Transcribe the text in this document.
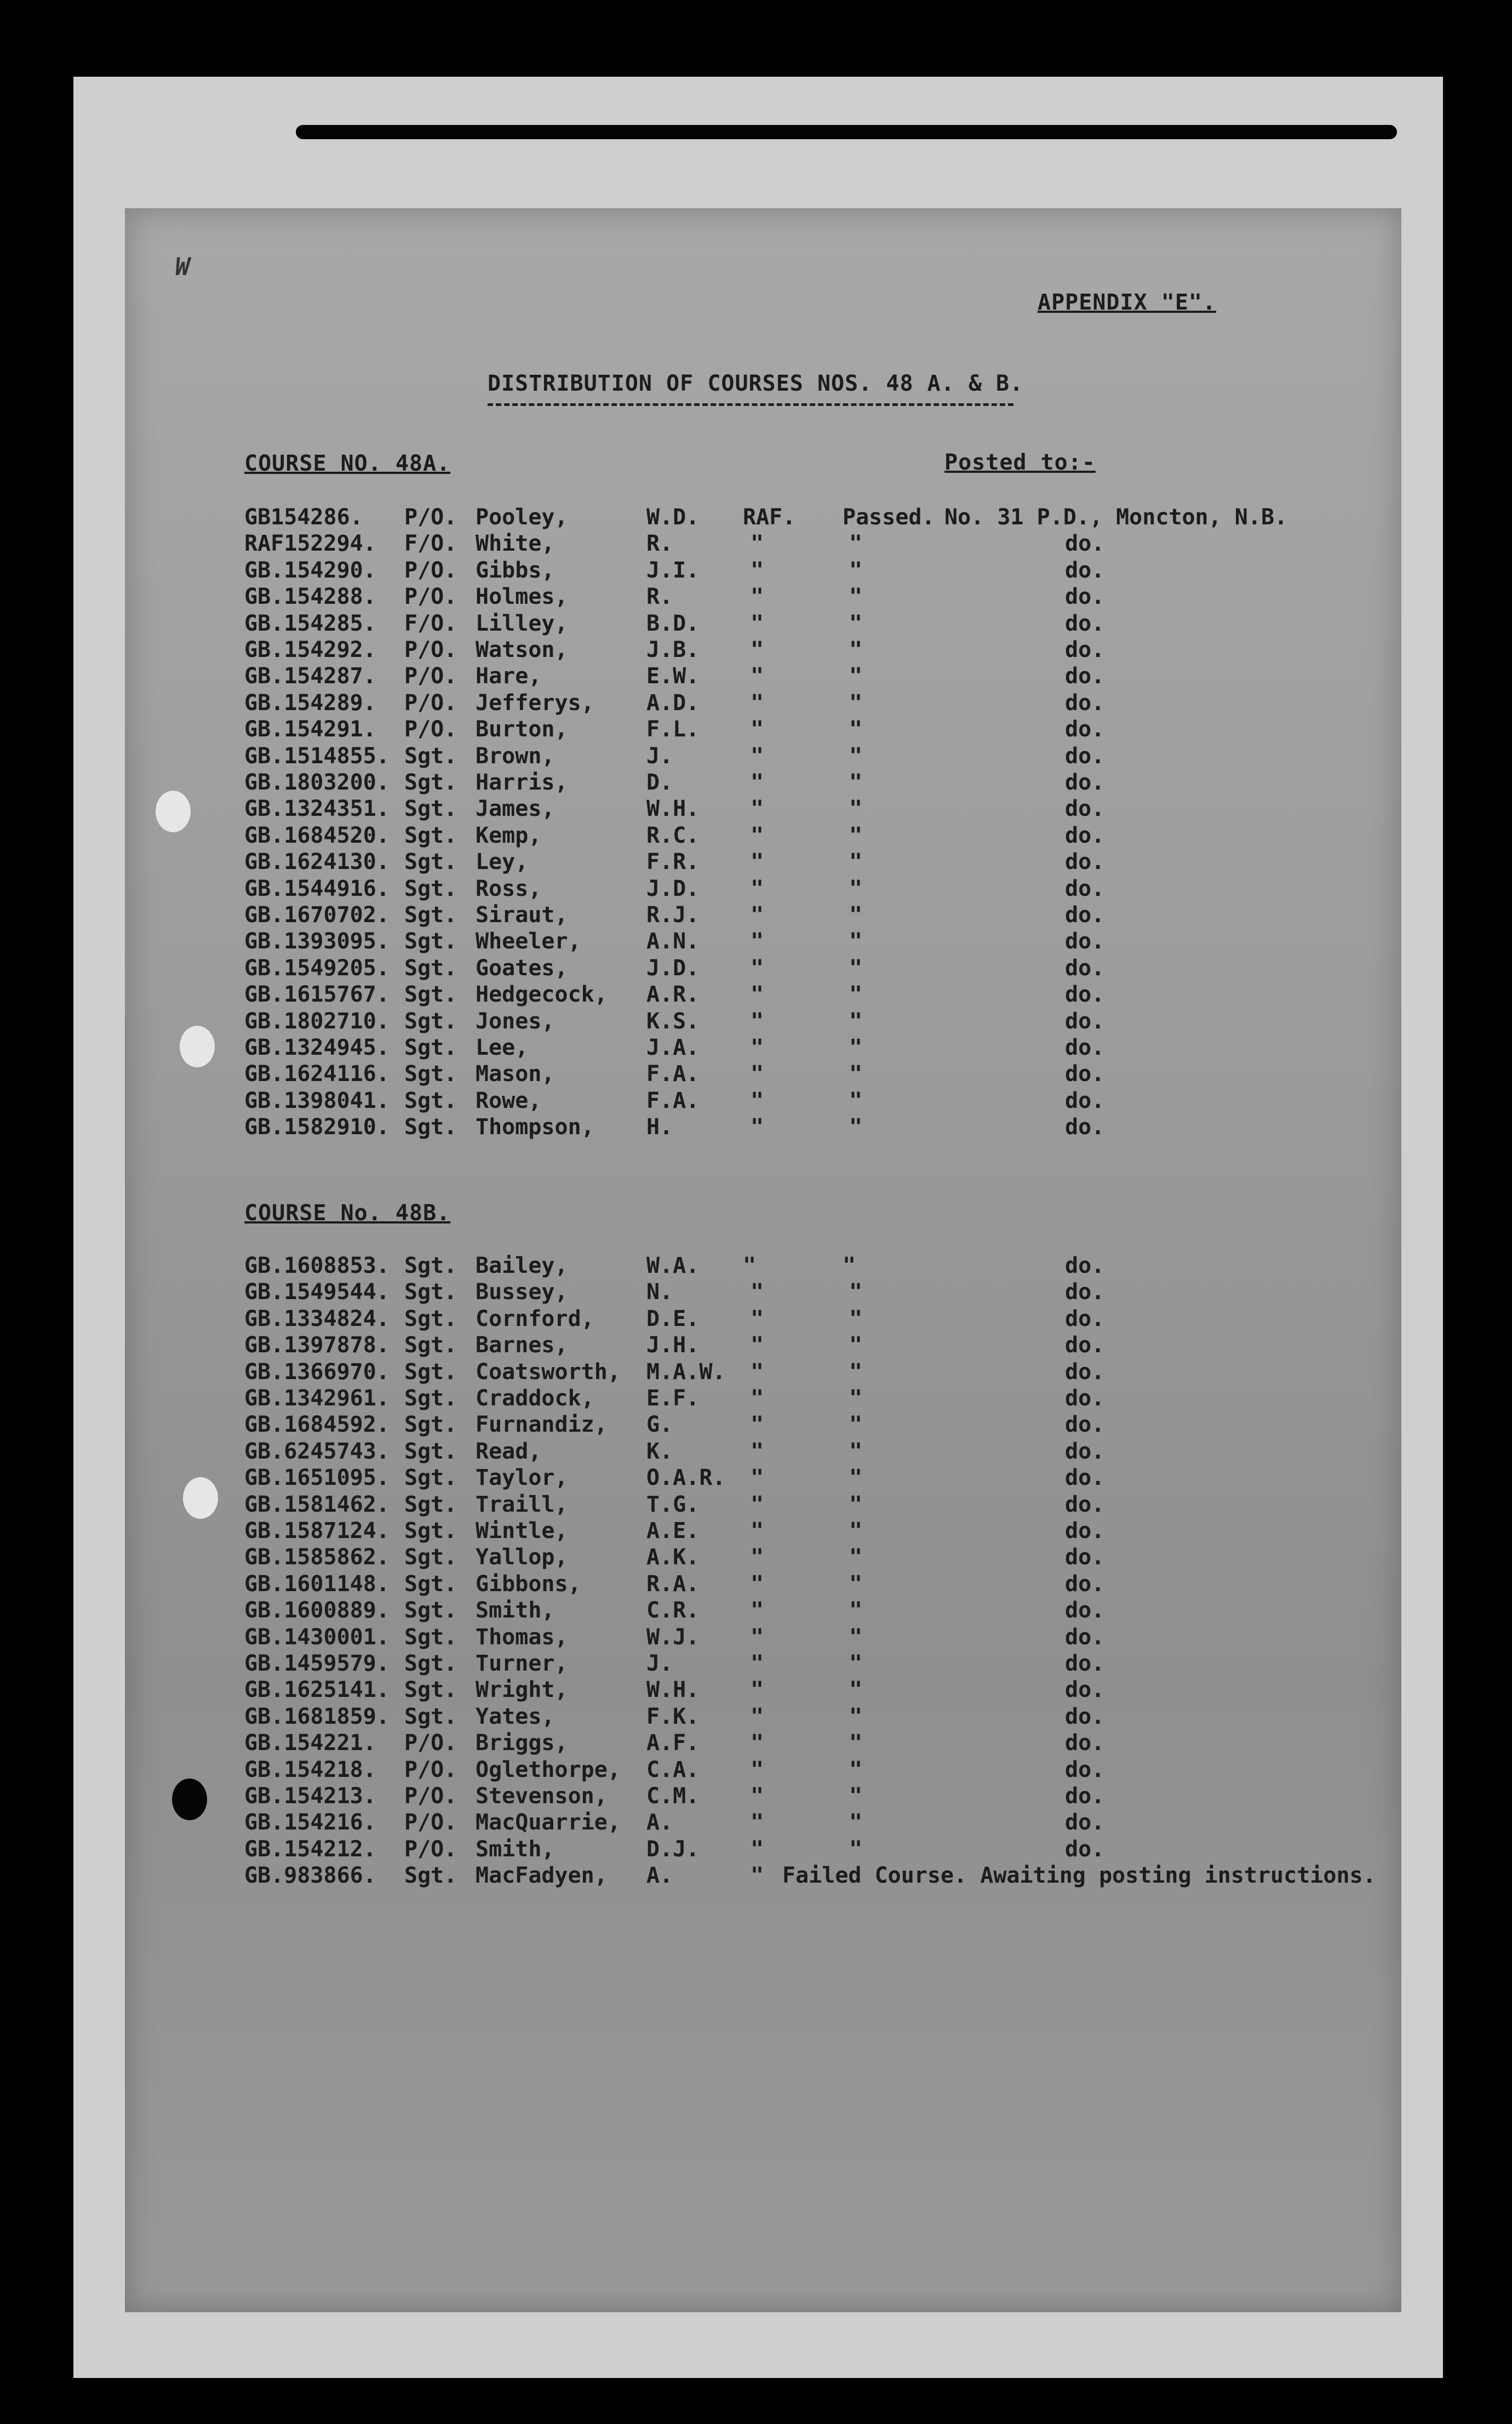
W
APPENDIX "E".
DISTRIBUTION OF COURSES NOS. 48 A. & B.
COURSE NO. 48A.	Posted to:-
GB154286. P/O. Pooley,	W.D. RAF. Passed. No. 31 P.D., Moncton, N.B.
RAF152294. F/O. White,	R.	"	"	do.
GB.154290. P/O. Gibbs,	J.I. "	"	do.
GB.154288. P/O. Holmes,	R.	"	"	do.
GB.154285. F/O. Lilley,	B.D. "	"	do.
GB.154292. P/O. Watson,	J.B. "	"	do.
GB.154287. P/O. Hare,	E.W. "	"	do.
GB.154289. P/O. Jefferys, A.D. "	"	do.
GB.154291. P/O. Burton,	F.L. "	"	do.
GB.1514855. Sgt. Brown,	J.	"	"	do.
GB.1803200. Sgt. Harris,	D.	"	"	do.
GB.1324351. Sgt. James,	W.H. "	"	do.
GB.1684520. Sgt. Kemp,	R.C. "	"	do.
GB.1624130. Sgt. Ley,	F.R. "	"	do.
GB.1544916. Sgt. Ross,	J.D. "	"	do.
GB.1670702. Sgt. Siraut,	R.J. "	"	do.
GB.1393095. Sgt. Wheeler,	A.N. "	"	do.
GB.1549205. Sgt. Goates,	J.D. "	"	do.
GB.1615767. Sgt. Hedgecock, A.R. "	"	do.
GB.1802710. Sgt. Jones,	K.S. "	"	do.
GB.1324945. Sgt. Lee,	J.A. "	"	do.
GB.1624116. Sgt. Mason,	F.A. "	"	do.
GB.1398041. Sgt. Rowe,	F.A. "	"	do.
GB.1582910. Sgt. Thompson, H.	"	"	do.
COURSE No. 48B.
GB.1608853. Sgt. Bailey,	W.A. "	"	do.
GB.1549544. Sgt. Bussey,	N.	"	"	do.
GB.1334824. Sgt. Cornford, D.E. "	"	do.
GB.1397878. Sgt. Barnes,	J.H. "	"	do.
GB.1366970. Sgt. Coatsworth, M.A.W. "	"	do.
GB.1342961. Sgt. Craddock, E.F. "	"	do.
GB.1684592. Sgt. Furnandiz, G.	"	"	do.
GB.6245743. Sgt. Read,	K.	"	"	do.
GB.1651095. Sgt. Taylor,	O.A.R. "	"	do.
GB.1581462. Sgt. Traill,	T.G. "	"	do.
GB.1587124. Sgt. Wintle,	A.E. "	"	do.
GB.1585862. Sgt. Yallop,	A.K. "	"	do.
GB.1601148. Sgt. Gibbons,	R.A. "	"	do.
GB.1600889. Sgt. Smith,	C.R. "	"	do.
GB.1430001. Sgt. Thomas,	W.J. "	"	do.
GB.1459579. Sgt. Turner,	J.	"	"	do.
GB.1625141. Sgt. Wright,	W.H. "	"	do.
GB.1681859. Sgt. Yates,	F.K. "	"	do.
GB.154221. P/O. Briggs,	A.F. "	"	do.
GB.154218. P/O. Oglethorpe, C.A. "	"	do.
GB.154213. P/O. Stevenson, C.M. "	"	do.
GB.154216. P/O. MacQuarrie, A.	"	"	do.
GB.154212. P/O. Smith,	D.J. "	"	do.
GB.983866. Sgt. MacFadyen, A.	" Failed Course. Awaiting posting instructions.
